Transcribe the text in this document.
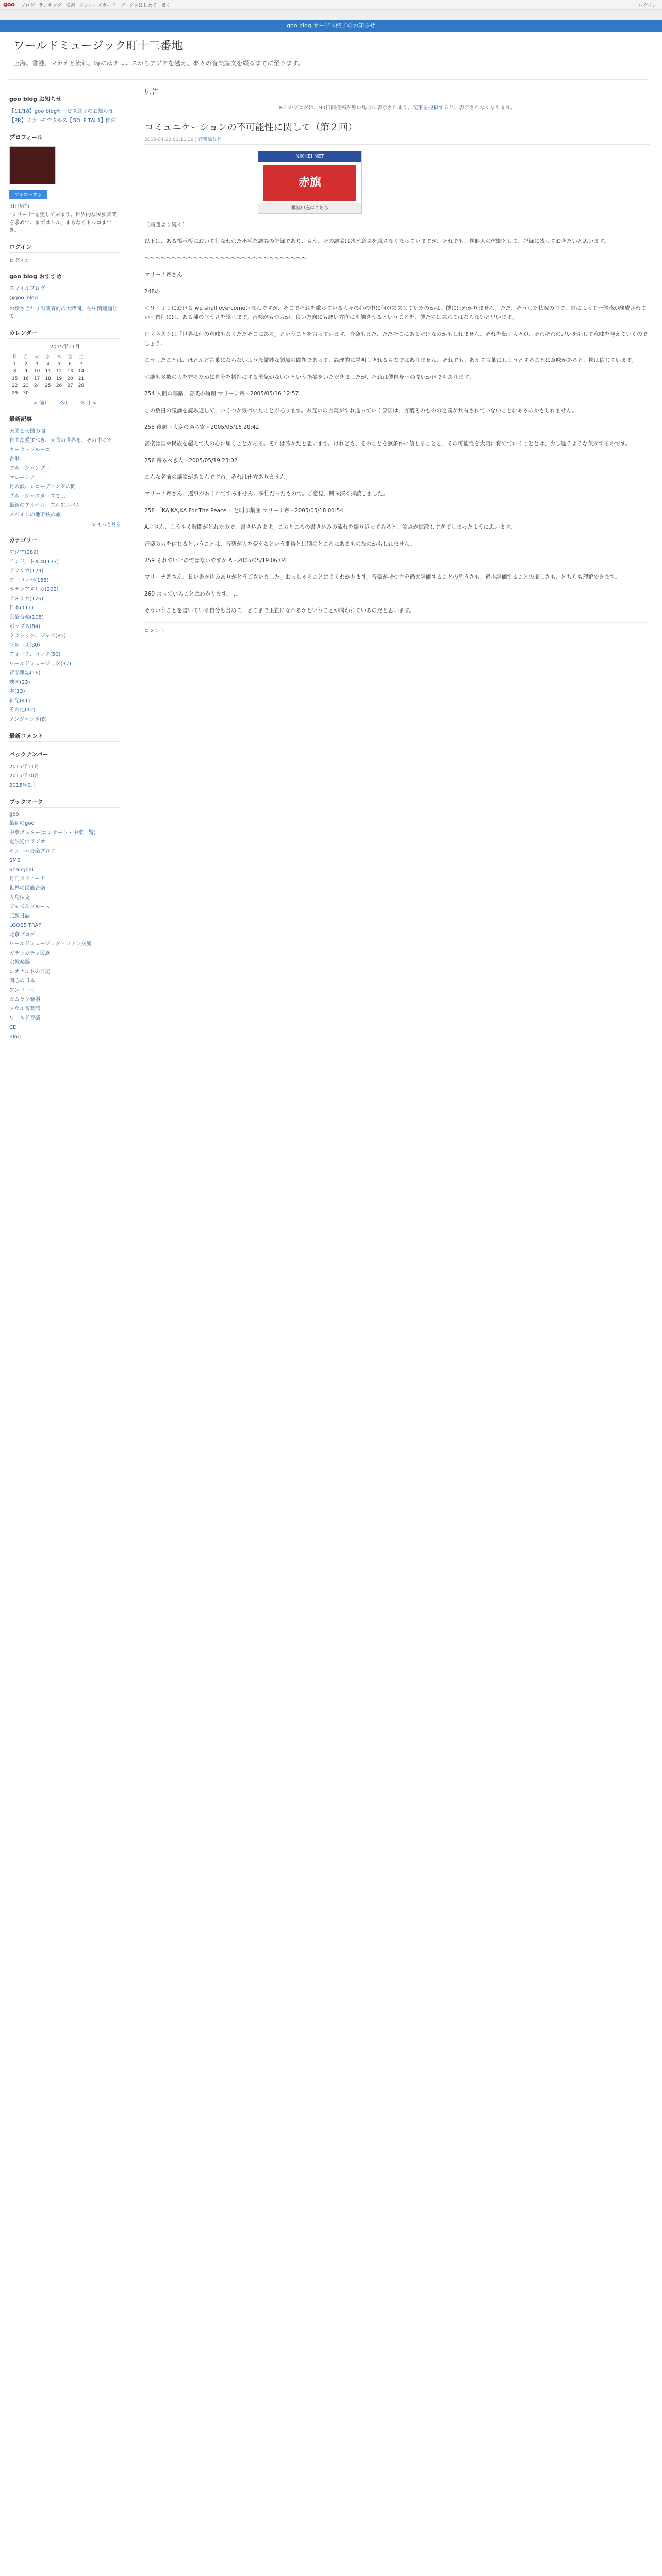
goo ブログ ランキング 検索 メンバーズカード ブログをはじめる 書く	ログイン
goo blog サービス終了のお知らせ
ワールドミュージック町十三番地
上海、香港、マカオと流れ、時にはチェニスからアジアを越え、夢々の音楽論文を綴るまでに至ります。
goo blog お知らせ
【11/18】goo blogサービス終了のお知らせ
【PR】ミラトモでクルス【GOLF TAI 1】開催
プロフィール
フォローする
田口敏行
"ミリーナ"を愛して来ます。世界的な民族音楽を求めて、まずはトル、まもなくトルコまでき。
ログイン
ログイン
goo blog おすすめ
スマイルブログ
@goo_blog
お絵さきたり出演者的の大時間、在中関連通じて
カレンダー
2015年11月
日	月	火	水	木	金	土
1	2	3	4	5	6	7
8	9	10	11	12	13	14
15	16	17	18	19	20	21
22	23	24	25	26	27	28
29	30					
< 前月　　今月　　翌月 >
最新記事
天国と天国の間
自由な愛すべき、天国の世界を、その中にた
カーラ・ブルーニ
香港
ブルーシャンプー
マレーシア
月の涙、レコーディングの間
ブルーシャスターズで…
最新のアルバム、フルアルバム
スペインの地下鉄の旅
> もっと見る
カテゴリー
アジア(289)
インド、トルコ(137)
アフリカ(129)
ヨーロッパ(158)
ラテンアメリカ(202)
アメリカ(176)
日本(111)
民俗音楽(105)
ポップス(84)
クラシック、ジャズ(85)
ブルース(80)
フォーク、ロック(50)
ワールドミュージック(37)
音楽雑誌(16)
映画(23)
本(13)
雑記(41)
その他(12)
ノンジャンル(8)
最新コメント
バックナンバー
2015年11月
2015年10月
2015年9月
ブックマーク
goo
最初のgoo
中東ポスター(コンサート・中東一覧)
電波通信ラジオ
キューバ音楽ブログ
SMS
Shanghai
月刊ラティーナ
世界の民族音楽
大島保克
ジャズ＆ブルース
三線日誌
LOOSE TRAP
北京ブログ
ワールドミュージック・ファン交流
ガチャガチャ民族
宗教楽器
レオナルドの日記
関心の日本
アンコール
ガムラン楽器
ソウル音楽館
ワールド音楽
CD
Blog
広告
※このブログは、90日間投稿が無い場合に表示されます。記事を投稿すると、表示されなくなります。
コミュニケーションの不可能性に関して（第２回）
2005-04-22 01:11:39 | 音楽論など
NIKKEI NET
赤旗
購読申込はこちら

（前回より続く）

以下は、ある掲示板において行なわれた不毛な議論の記録であり、もう、その議論は殆ど意味を成さなくなっていますが、それでも、僕個人の体験として、記録に残しておきたいと思います。

～～～～～～～～～～～～～～～～～～～～～～～～～～～～～～

マリーナ寄さん

248の

＜９・１１における we shall overcome＞なんですが、そこでそれを歌っている人々の心の中に何が去来していたのかは、僕にはわかりません。ただ、そうした状況の中で、歌によって一体感が醸成されていく過程には、ある種の危うさを感じます。音楽がもつ力が、良い方向にも悪い方向にも働きうるということを、僕たちは忘れてはならないと思います。

ロマネスクは「世界は何の意味もなくただそこにある」ということを言っています。音楽もまた、ただそこにあるだけなのかもしれません。それを聴く人々が、それぞれの思いを託して意味を与えていくのでしょう。

こうしたことは、ほとんど言葉にならないような微妙な領域の問題であって、論理的に説明しきれるものではありません。それでも、あえて言葉にしようとすることに意味があると、僕は信じています。

＜誰も多数の人を守るために自分を犠牲にする勇気がない＞という指摘をいただきましたが、それは僕自身への問いかけでもあります。

254 人間の尊厳、音楽の倫理 マリーナ寄 - 2005/05/16 12:57

この数日の議論を読み返して、いくつか気づいたことがあります。お互いの言葉がすれ違っていく原因は、言葉そのものの定義が共有されていないことにあるのかもしれません。

255 後頭下大変の過ち寄 - 2005/05/16 20:42

音楽は国や民族を超えて人の心に届くことがある。それは確かだと思います。けれども、そのことを無条件に信じることと、その可能性を大切に育てていくこととは、少し違うような気がするのです。

256 寄るべき人 - 2005/05/19 23:02

こんな名前の議論があるんですね。それは仕方ありません。

マリーナ寄さん、返事がおくれてすみません。多忙だったもので。ご意見、興味深く拝読しました。

258 「KA,KA,KA For The Peace 」と叫ぶ集団 マリーナ寄 - 2005/05/18 01:54

A之さん、ようやく時間がとれたので、書き込みます。このところの書き込みの流れを振り返ってみると、論点が拡散しすぎてしまったように思います。

音楽の力を信じるということは、音楽が人を変えるという期待とは別のところにあるものなのかもしれません。

259 それでいいのではないですか A - 2005/05/19 06:04

マリーナ寄さん、長い書き込みありがとうございました。おっしゃることはよくわかります。音楽が持つ力を過大評価することの危うさも、過小評価することの虚しさも、どちらも理解できます。

260 言っていることはわかります。 ...

そういうことを書いている自分も含めて、どこまで正直になれるかということが問われているのだと思います。

コメント
